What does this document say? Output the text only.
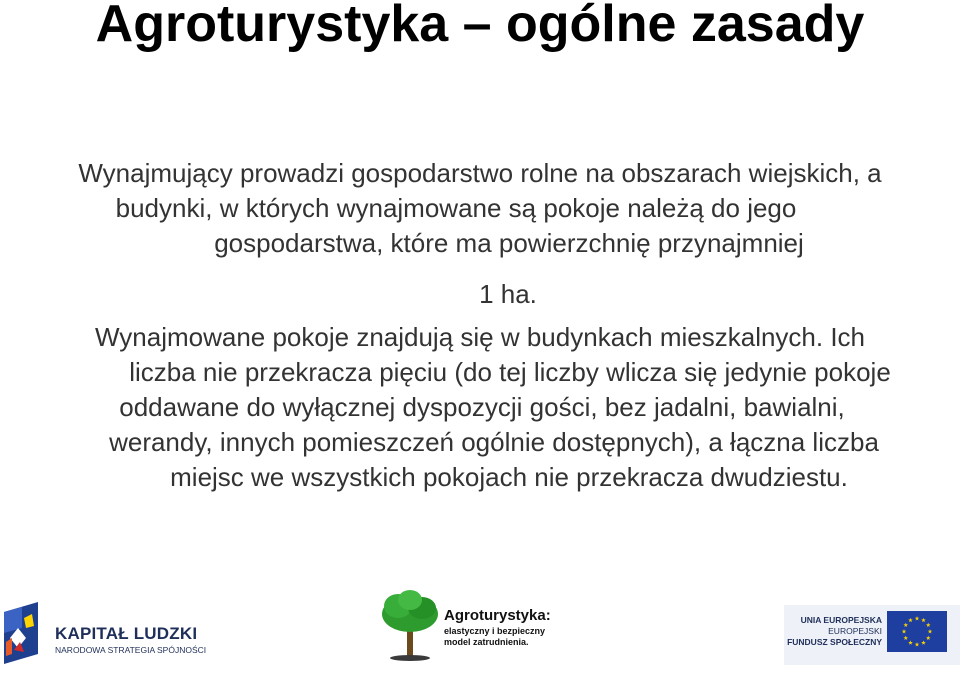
Agroturystyka – ogólne zasady
Wynajmujący prowadzi gospodarstwo rolne na obszarach wiejskich, a
budynki, w których wynajmowane są pokoje należą do jego
gospodarstwa, które ma powierzchnię przynajmniej
1 ha.
Wynajmowane pokoje znajdują się w budynkach mieszkalnych. Ich
liczba nie przekracza pięciu (do tej liczby wlicza się jedynie pokoje
oddawane do wyłącznej dyspozycji gości, bez jadalni, bawialni,
werandy, innych pomieszczeń ogólnie dostępnych), a łączna liczba
miejsc we wszystkich pokojach nie przekracza dwudziestu.
KAPITAŁ LUDZKI
NARODOWA STRATEGIA SPÓJNOŚCI
Agroturystyka:
elastyczny i bezpieczny
model zatrudnienia.
UNIA EUROPEJSKA
EUROPEJSKI
FUNDUSZ SPOŁECZNY
